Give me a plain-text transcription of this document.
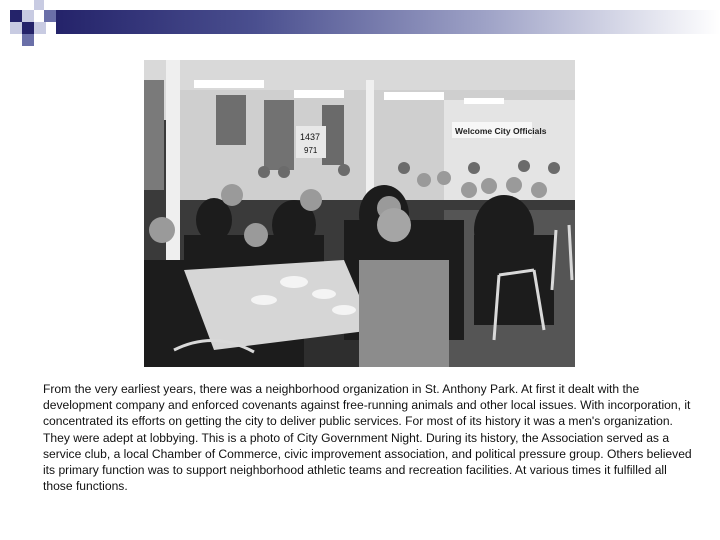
1437
971
Welcome City Officials

From the very earliest years, there was a neighborhood organization in St. Anthony Park. At first it dealt with the development company and enforced covenants against free-running animals and other local issues. With incorporation, it concentrated its efforts on getting the city to deliver public services. For most of its history it was a men's organization. They were adept at lobbying. This is a photo of City Government Night. During its history, the Association served as a service club, a local Chamber of Commerce, civic improvement association, and political pressure group. Others believed its primary function was to support neighborhood athletic teams and recreation facilities. At various times it fulfilled all those functions.
